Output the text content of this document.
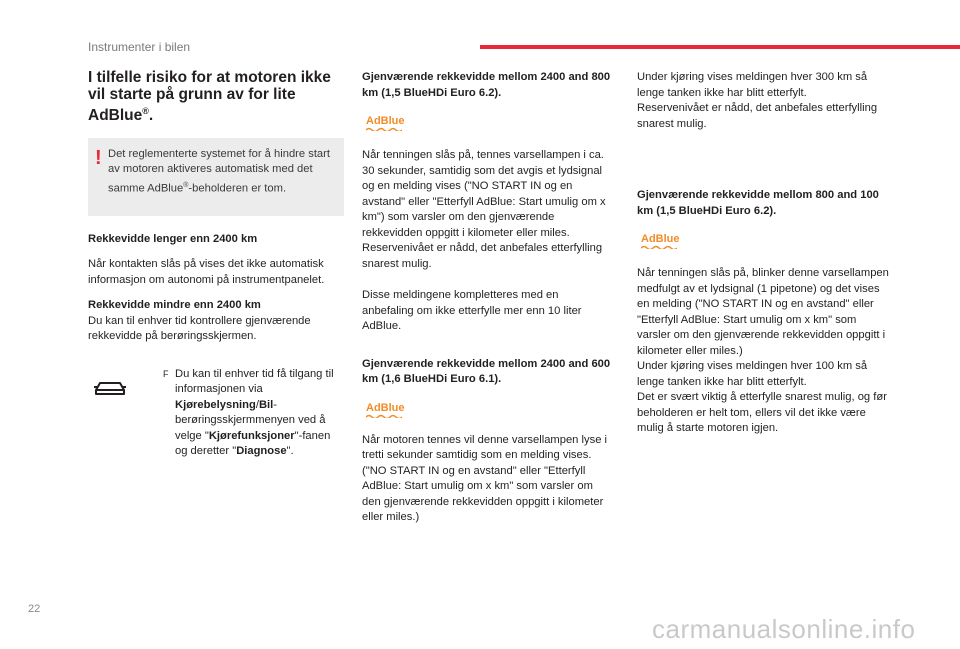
Instrumenter i bilen
I tilfelle risiko for at motoren ikke vil starte på grunn av for lite AdBlue®.
! Det reglementerte systemet for å hindre start av motoren aktiveres automatisk med det samme AdBlue®-beholderen er tom.

Rekkevidde lenger enn 2400 km

Når kontakten slås på vises det ikke automatisk informasjon om autonomi på instrumentpanelet.

Rekkevidde mindre enn 2400 km

Du kan til enhver tid kontrollere gjenværende rekkevidde på berøringsskjermen.

F Du kan til enhver tid få tilgang til informasjonen via Kjørebelysning/Bil-berøringsskjermmenyen ved å velge "Kjørefunksjoner"-fanen og deretter "Diagnose".

Gjenværende rekkevidde mellom 2400 and 800 km (1,5 BlueHDi Euro 6.2).

AdBlue

Når tenningen slås på, tennes varsellampen i ca. 30 sekunder, samtidig som det avgis et lydsignal og en melding vises ("NO START IN og en avstand" eller "Etterfyll AdBlue: Start umulig om x km") som varsler om den gjenværende rekkevidden oppgitt i kilometer eller miles.

Reservenivået er nådd, det anbefales etterfylling snarest mulig.

Disse meldingene kompletteres med en anbefaling om ikke etterfylle mer enn 10 liter AdBlue.

Gjenværende rekkevidde mellom 2400 and 600 km (1,6 BlueHDi Euro 6.1).

AdBlue

Når motoren tennes vil denne varsellampen lyse i tretti sekunder samtidig som en melding vises. ("NO START IN og en avstand" eller "Etterfyll AdBlue: Start umulig om x km" som varsler om den gjenværende rekkevidden oppgitt i kilometer eller miles.)

Under kjøring vises meldingen hver 300 km så lenge tanken ikke har blitt etterfylt.

Reservenivået er nådd, det anbefales etterfylling snarest mulig.

Gjenværende rekkevidde mellom 800 and 100 km (1,5 BlueHDi Euro 6.2).

AdBlue

Når tenningen slås på, blinker denne varsellampen medfulgt av et lydsignal (1 pipetone) og det vises en melding ("NO START IN og en avstand" eller "Etterfyll AdBlue: Start umulig om x km" som varsler om den gjenværende rekkevidden oppgitt i kilometer eller miles.)

Under kjøring vises meldingen hver 100 km så lenge tanken ikke har blitt etterfylt.

Det er svært viktig å etterfylle snarest mulig, og før beholderen er helt tom, ellers vil det ikke være mulig å starte motoren igjen.

22
carmanualsonline.info
